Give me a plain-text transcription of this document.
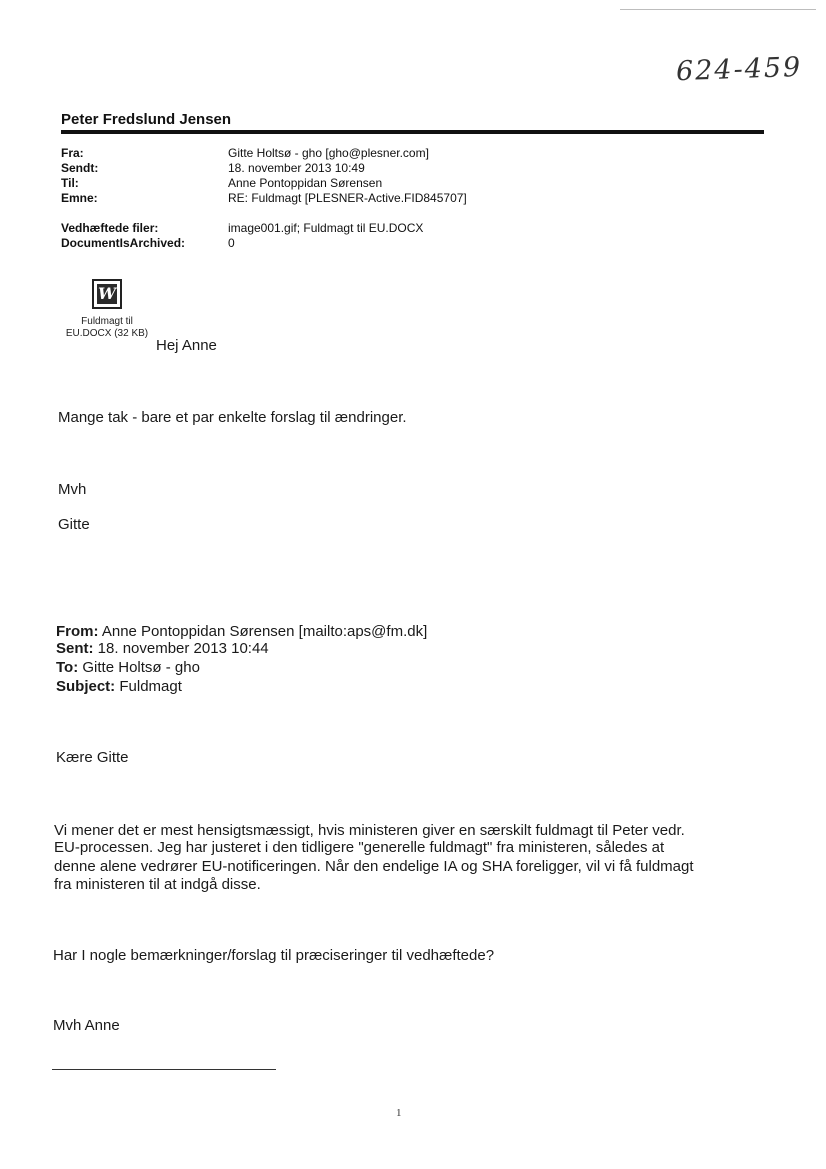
624-459
Peter Fredslund Jensen
Fra:	Gitte Holtsø - gho [gho@plesner.com]
Sendt:	18. november 2013 10:49
Til:	Anne Pontoppidan Sørensen
Emne:	RE: Fuldmagt [PLESNER-Active.FID845707]
Vedhæftede filer:	image001.gif; Fuldmagt til EU.DOCX
DocumentIsArchived:	0
W
Fuldmagt til
EU.DOCX (32 KB)
Hej Anne
Mange tak - bare et par enkelte forslag til ændringer.
Mvh
Gitte
From: Anne Pontoppidan Sørensen [mailto:aps@fm.dk]
Sent: 18. november 2013 10:44
To: Gitte Holtsø - gho
Subject: Fuldmagt
Kære Gitte
Vi mener det er mest hensigtsmæssigt, hvis ministeren giver en særskilt fuldmagt til Peter vedr.
EU-processen. Jeg har justeret i den tidligere "generelle fuldmagt" fra ministeren, således at
denne alene vedrører EU-notificeringen. Når den endelige IA og SHA foreligger, vil vi få fuldmagt
fra ministeren til at indgå disse.
Har I nogle bemærkninger/forslag til præciseringer til vedhæftede?
Mvh Anne
1
